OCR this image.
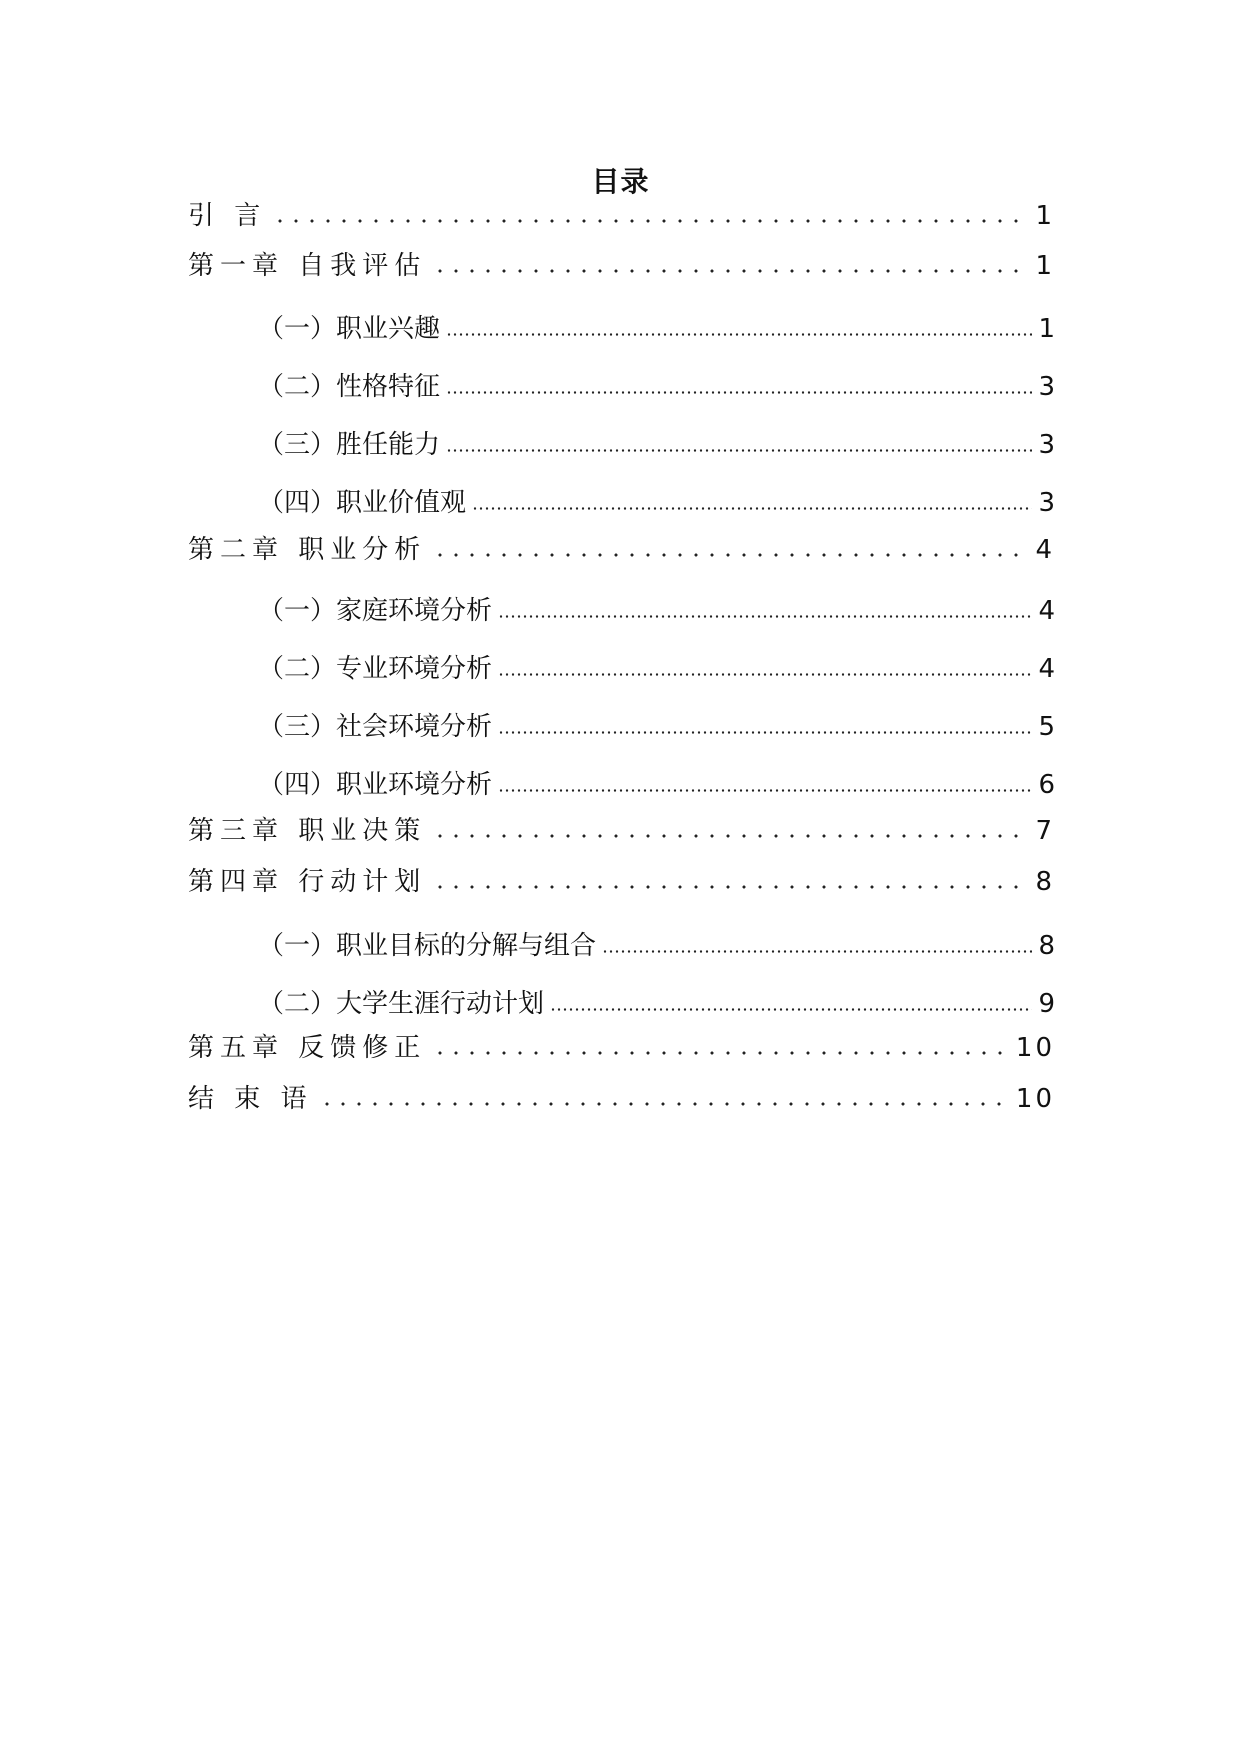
目录
引 言	1
第一章 自我评估	1
（一）职业兴趣	1
（二）性格特征	3
（三）胜任能力	3
（四）职业价值观	3
第二章 职业分析	4
（一）家庭环境分析	4
（二）专业环境分析	4
（三）社会环境分析	5
（四）职业环境分析	6
第三章 职业决策	7
第四章 行动计划	8
（一）职业目标的分解与组合	8
（二）大学生涯行动计划	9
第五章 反馈修正	10
结 束 语	10
